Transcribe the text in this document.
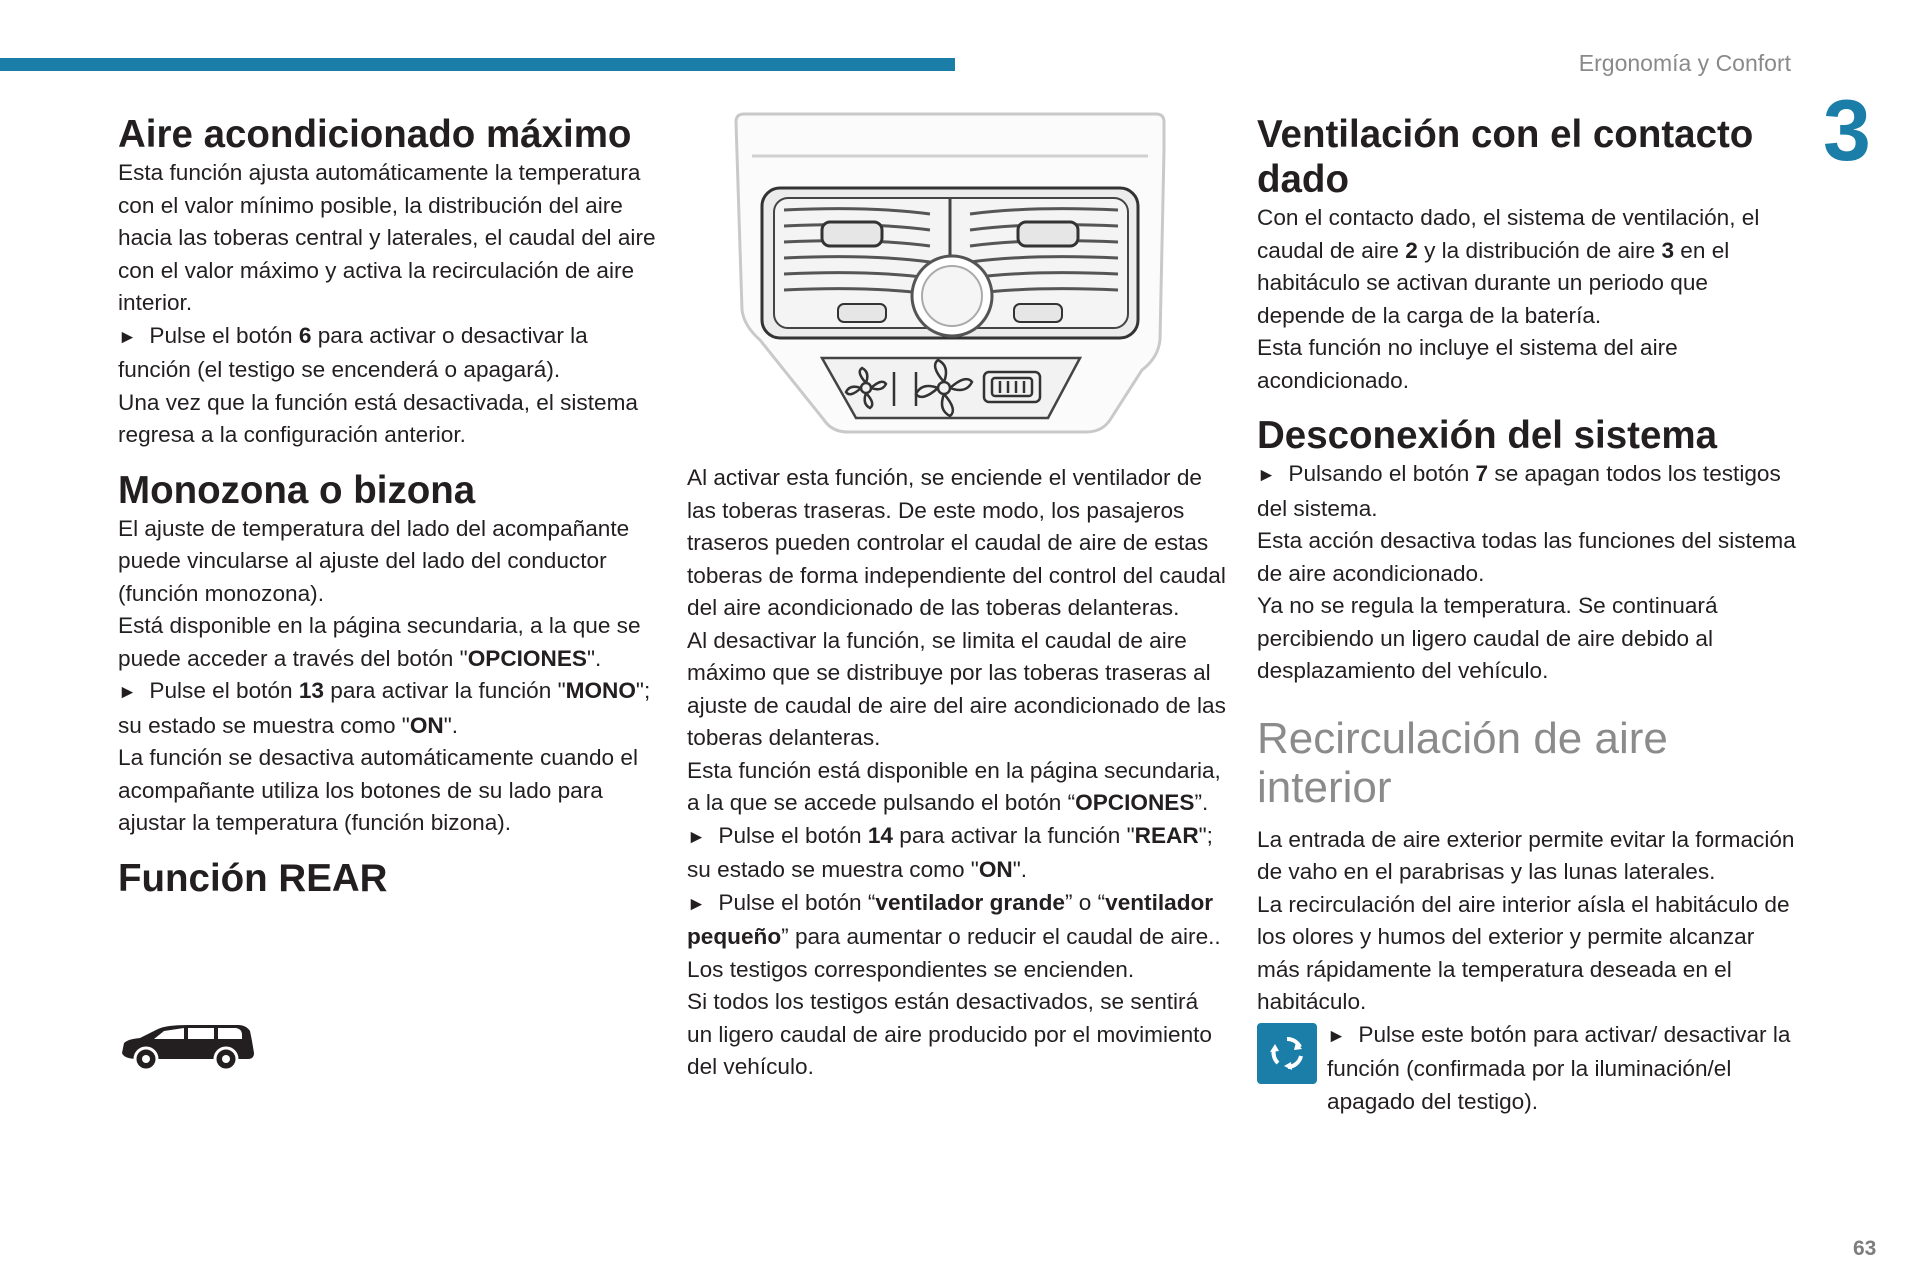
Ergonomía y Confort
3
63
Aire acondicionado máximo

Esta función ajusta automáticamente la temperatura con el valor mínimo posible, la distribución del aire hacia las toberas central y laterales, el caudal del aire con el valor máximo y activa la recirculación de aire interior.

► Pulse el botón 6 para activar o desactivar la función (el testigo se encenderá o apagará).

Una vez que la función está desactivada, el sistema regresa a la configuración anterior.

Monozona o bizona

El ajuste de temperatura del lado del acompañante puede vincularse al ajuste del lado del conductor (función monozona).

Está disponible en la página secundaria, a la que se puede acceder a través del botón "OPCIONES".

► Pulse el botón 13 para activar la función "MONO"; su estado se muestra como "ON".

La función se desactiva automáticamente cuando el acompañante utiliza los botones de su lado para ajustar la temperatura (función bizona).

Función REAR

Al activar esta función, se enciende el ventilador de las toberas traseras. De este modo, los pasajeros traseros pueden controlar el caudal de aire de estas toberas de forma independiente del control del caudal del aire acondicionado de las toberas delanteras.

Al desactivar la función, se limita el caudal de aire máximo que se distribuye por las toberas traseras al ajuste de caudal de aire del aire acondicionado de las toberas delanteras.

Esta función está disponible en la página secundaria, a la que se accede pulsando el botón “OPCIONES”.

► Pulse el botón 14 para activar la función "REAR"; su estado se muestra como "ON".

► Pulse el botón “ventilador grande” o “ventilador pequeño” para aumentar o reducir el caudal de aire..

Los testigos correspondientes se encienden.

Si todos los testigos están desactivados, se sentirá un ligero caudal de aire producido por el movimiento del vehículo.

Ventilación con el contacto dado

Con el contacto dado, el sistema de ventilación, el caudal de aire 2 y la distribución de aire 3 en el habitáculo se activan durante un periodo que depende de la carga de la batería.

Esta función no incluye el sistema del aire acondicionado.

Desconexión del sistema

► Pulsando el botón 7 se apagan todos los testigos del sistema.

Esta acción desactiva todas las funciones del sistema de aire acondicionado.

Ya no se regula la temperatura. Se continuará percibiendo un ligero caudal de aire debido al desplazamiento del vehículo.

Recirculación de aire interior

La entrada de aire exterior permite evitar la formación de vaho en el parabrisas y las lunas laterales.

La recirculación del aire interior aísla el habitáculo de los olores y humos del exterior y permite alcanzar más rápidamente la temperatura deseada en el habitáculo.

► Pulse este botón para activar/ desactivar la función (confirmada por la iluminación/el apagado del testigo).
